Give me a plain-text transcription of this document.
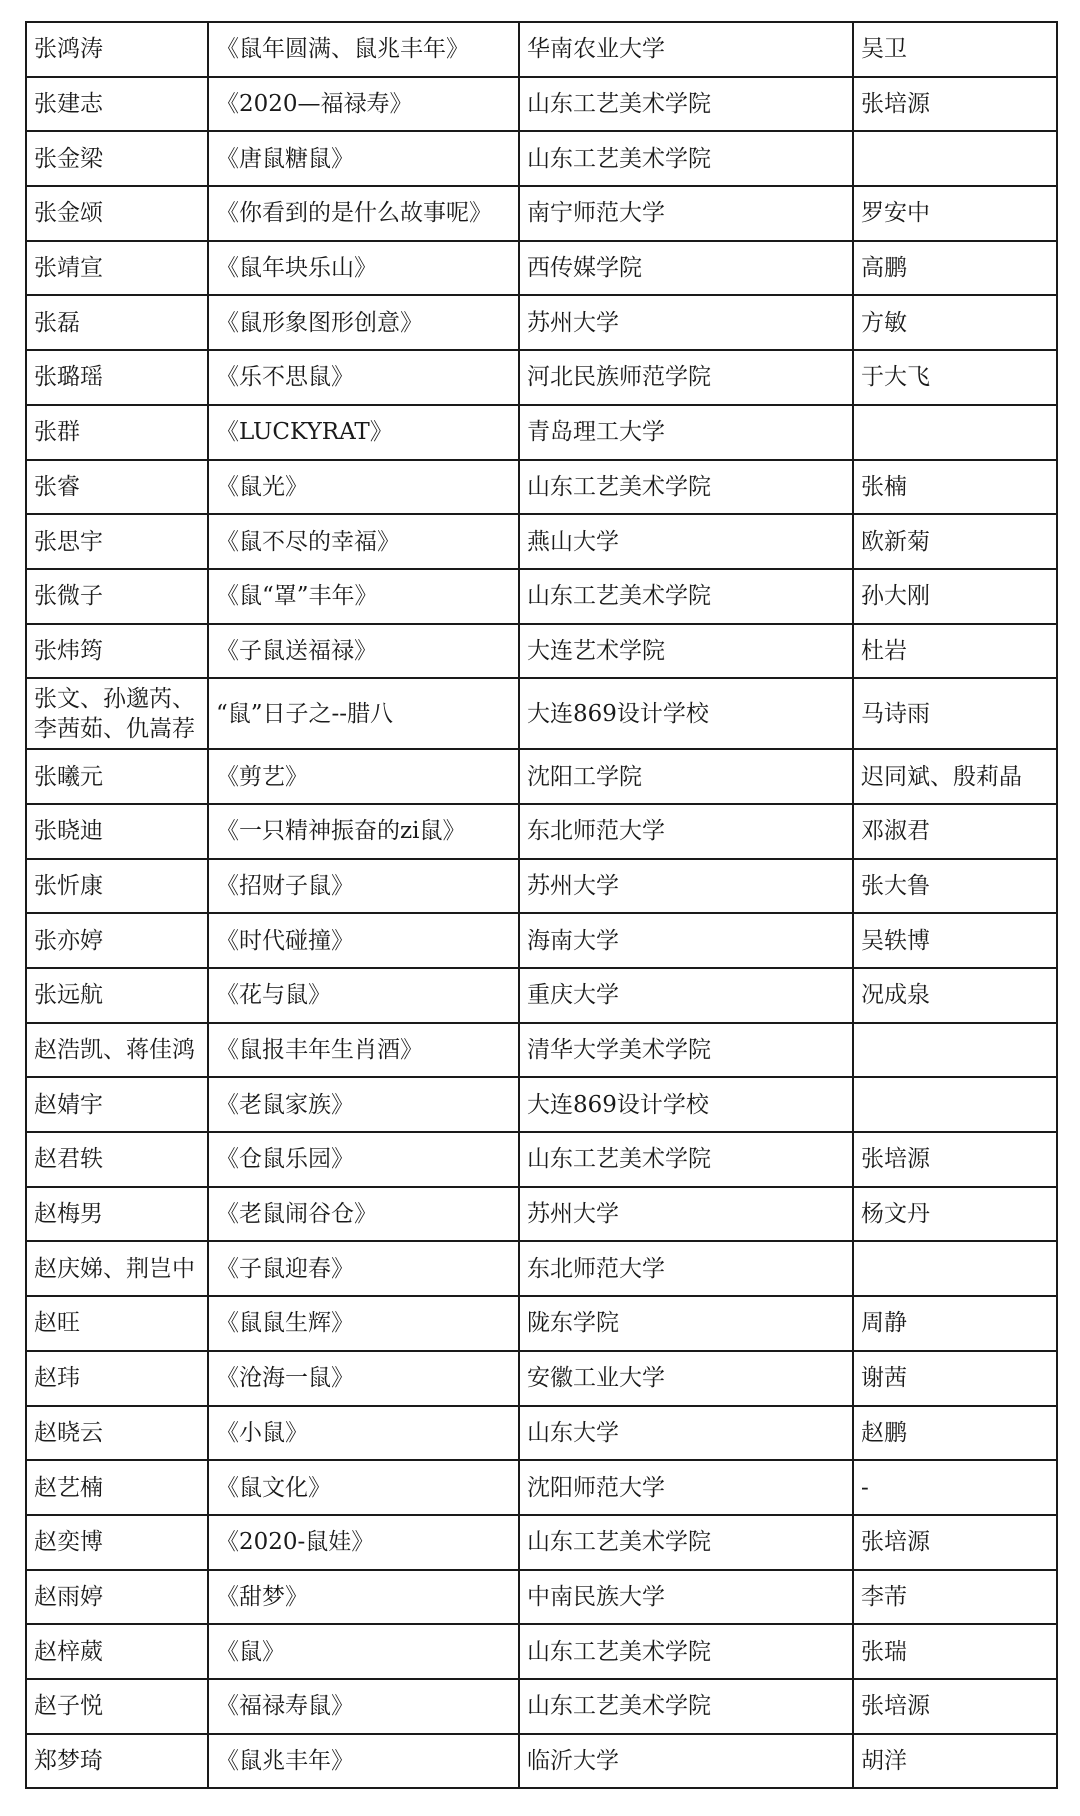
张鸿涛	《鼠年圆满、鼠兆丰年》	华南农业大学	吴卫
张建志	《2020—福禄寿》	山东工艺美术学院	张培源
张金梁	《唐鼠糖鼠》	山东工艺美术学院	
张金颂	《你看到的是什么故事呢》	南宁师范大学	罗安中
张靖宣	《鼠年块乐山》	西传媒学院	高鹏
张磊	《鼠形象图形创意》	苏州大学	方敏
张璐瑶	《乐不思鼠》	河北民族师范学院	于大飞
张群	《LUCKYRAT》	青岛理工大学	
张睿	《鼠光》	山东工艺美术学院	张楠
张思宇	《鼠不尽的幸福》	燕山大学	欧新菊
张微子	《鼠“罩”丰年》	山东工艺美术学院	孙大刚
张炜筠	《子鼠送福禄》	大连艺术学院	杜岩
张文、孙邈芮、李茜茹、仇嵩荐	“鼠”日子之--腊八	大连869设计学校	马诗雨
张曦元	《剪艺》	沈阳工学院	迟同斌、殷莉晶
张晓迪	《一只精神振奋的zi鼠》	东北师范大学	邓淑君
张忻康	《招财子鼠》	苏州大学	张大鲁
张亦婷	《时代碰撞》	海南大学	吴轶博
张远航	《花与鼠》	重庆大学	况成泉
赵浩凯、蒋佳鸿	《鼠报丰年生肖酒》	清华大学美术学院	
赵婧宇	《老鼠家族》	大连869设计学校	
赵君轶	《仓鼠乐园》	山东工艺美术学院	张培源
赵梅男	《老鼠闹谷仓》	苏州大学	杨文丹
赵庆娣、荆岂中	《子鼠迎春》	东北师范大学	
赵旺	《鼠鼠生辉》	陇东学院	周静
赵玮	《沧海一鼠》	安徽工业大学	谢茜
赵晓云	《小鼠》	山东大学	赵鹏
赵艺楠	《鼠文化》	沈阳师范大学	-
赵奕博	《2020-鼠娃》	山东工艺美术学院	张培源
赵雨婷	《甜梦》	中南民族大学	李芾
赵梓葳	《鼠》	山东工艺美术学院	张瑞
赵子悦	《福禄寿鼠》	山东工艺美术学院	张培源
郑梦琦	《鼠兆丰年》	临沂大学	胡洋
